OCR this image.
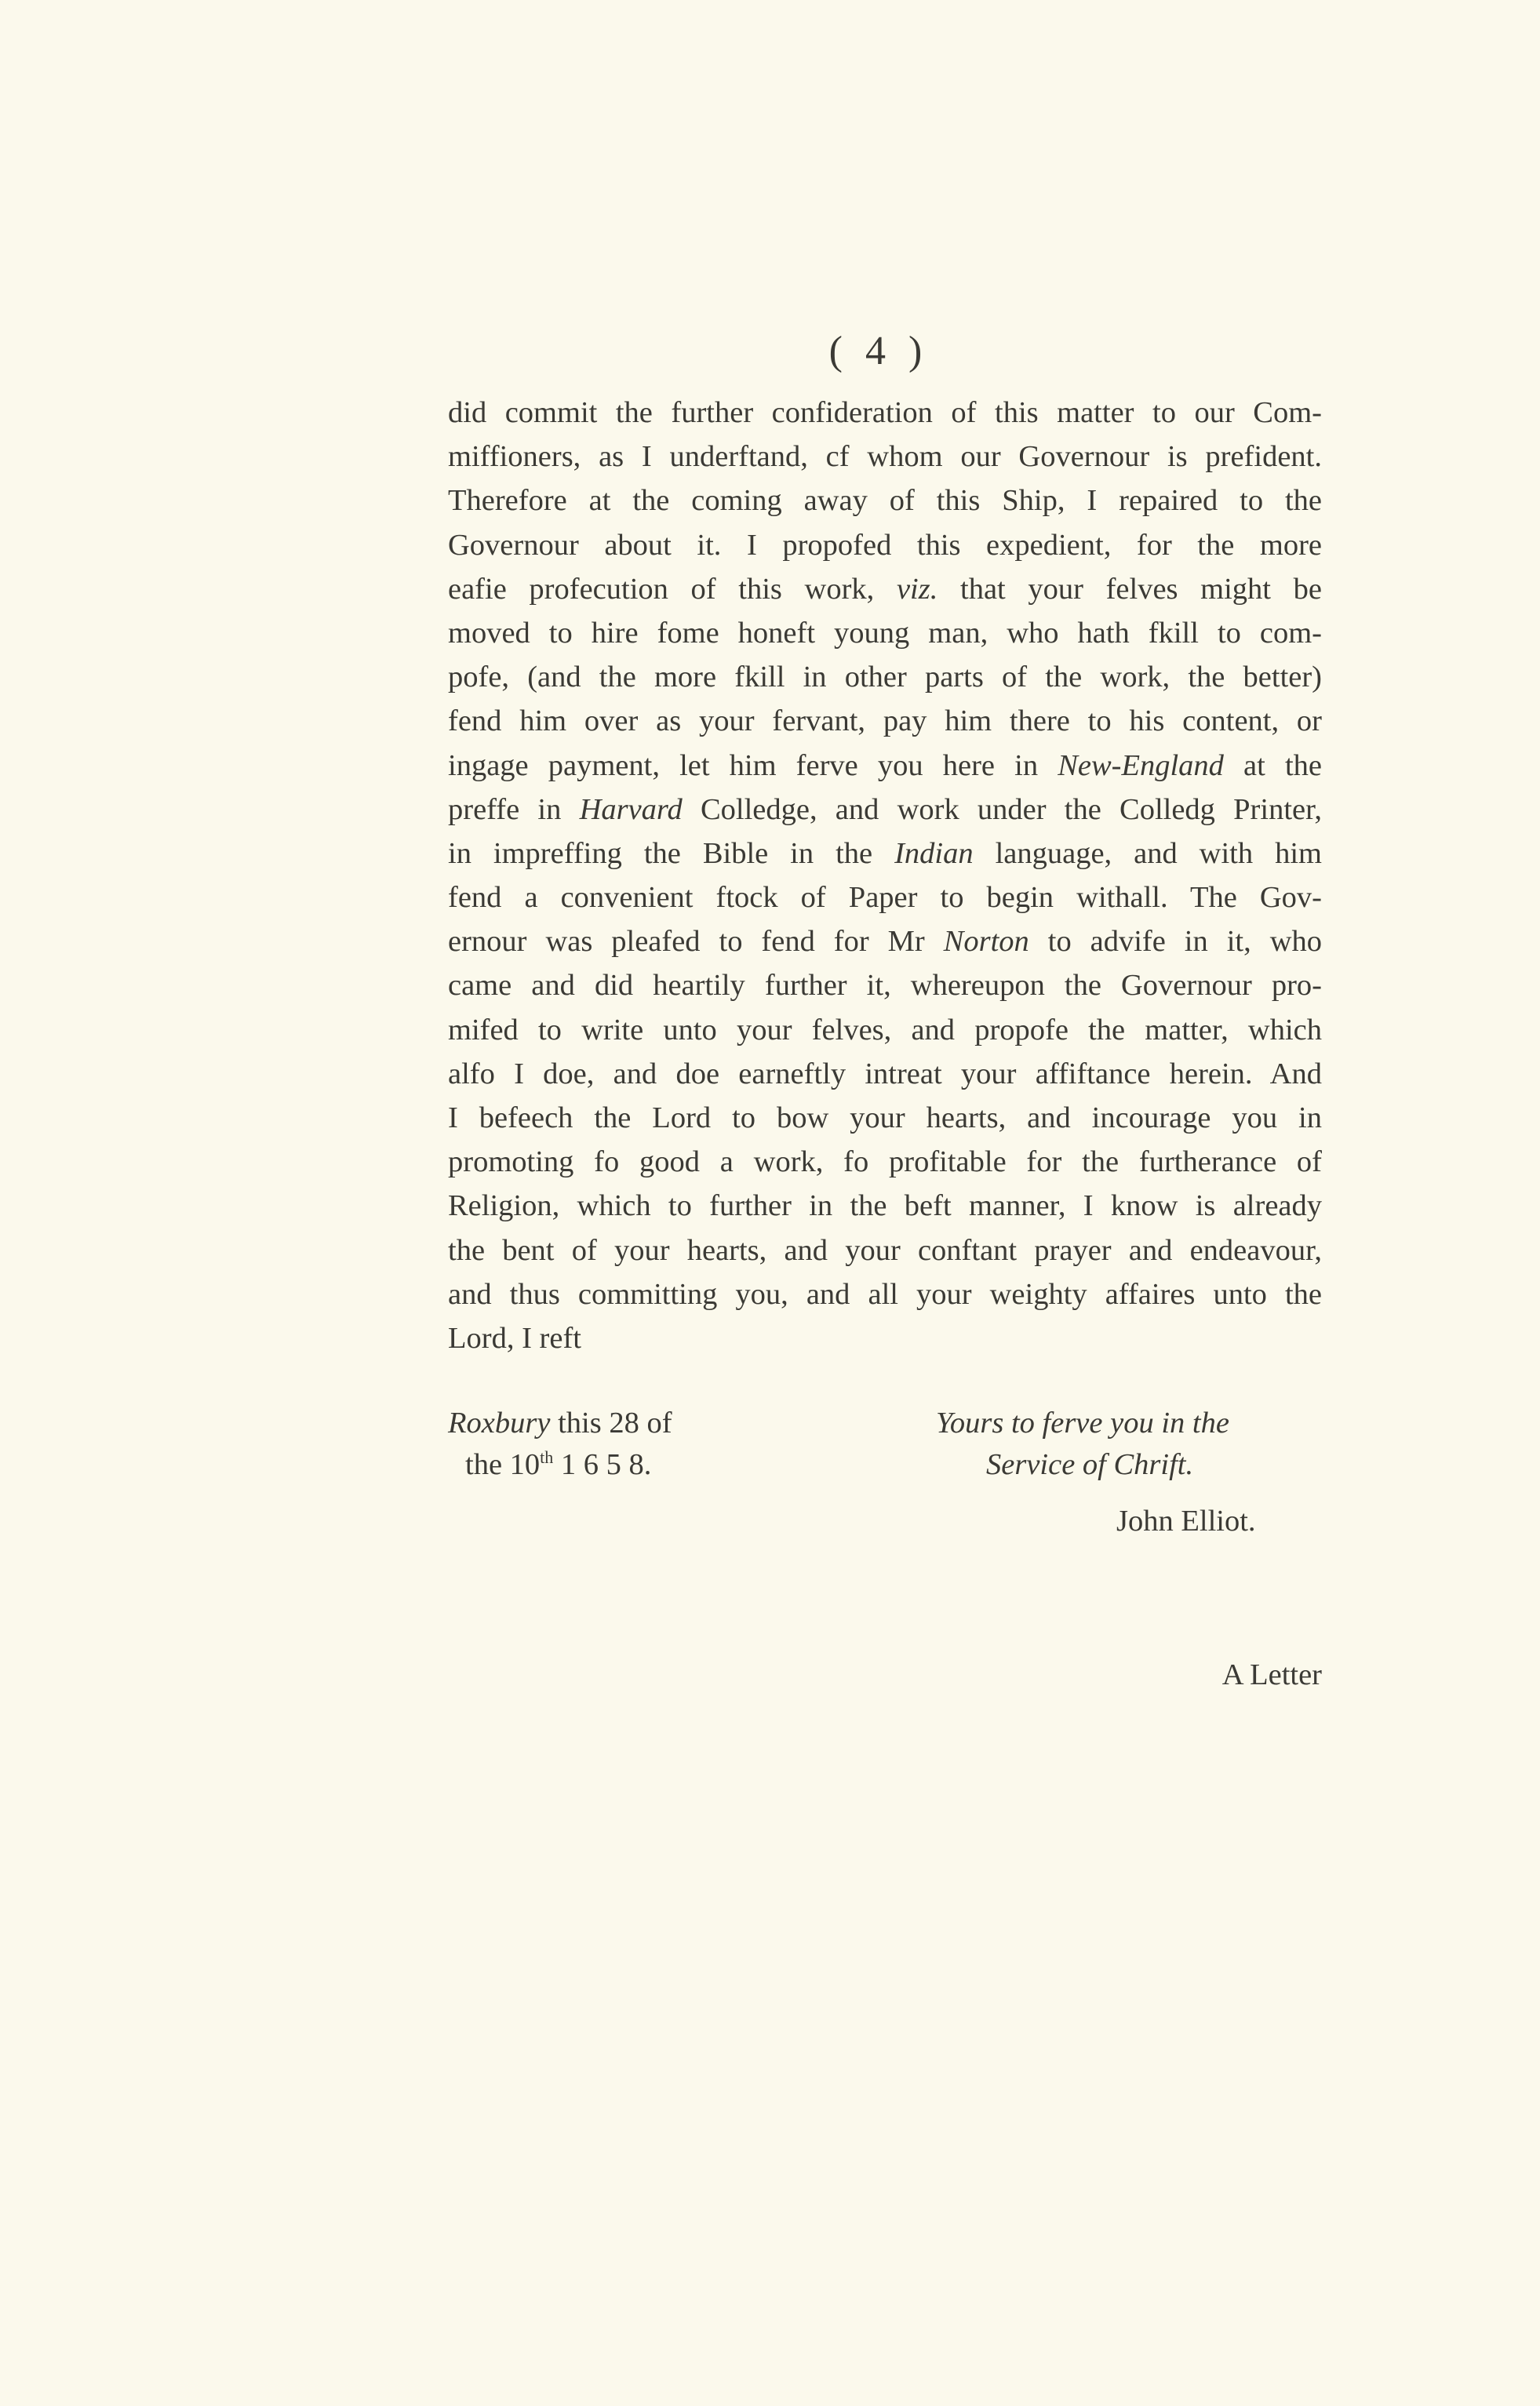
( 4 )
did commit the further confideration of this matter to our Com-
miffioners, as I underftand, cf whom our Governour is prefident.
Therefore at the coming away of this Ship, I repaired to the
Governour about it. I propofed this expedient, for the more
eafie profecution of this work, viz. that your felves might be
moved to hire fome honeft young man, who hath fkill to com-
pofe, (and the more fkill in other parts of the work, the better)
fend him over as your fervant, pay him there to his content, or
ingage payment, let him ferve you here in New-England at the
preffe in Harvard Colledge, and work under the Colledg Printer,
in impreffing the Bible in the Indian language, and with him
fend a convenient ftock of Paper to begin withall. The Gov-
ernour was pleafed to fend for Mr Norton to advife in it, who
came and did heartily further it, whereupon the Governour pro-
mifed to write unto your felves, and propofe the matter, which
alfo I doe, and doe earneftly intreat your affiftance herein. And
I befeech the Lord to bow your hearts, and incourage you in
promoting fo good a work, fo profitable for the furtherance of
Religion, which to further in the beft manner, I know is already
the bent of your hearts, and your conftant prayer and endeavour,
and thus committing you, and all your weighty affaires unto the
Lord, I reft
Roxbury this 28 of
the 10th 1 6 5 8.
Yours to ferve you in the
Service of Chrift.
John Elliot.
A Letter
